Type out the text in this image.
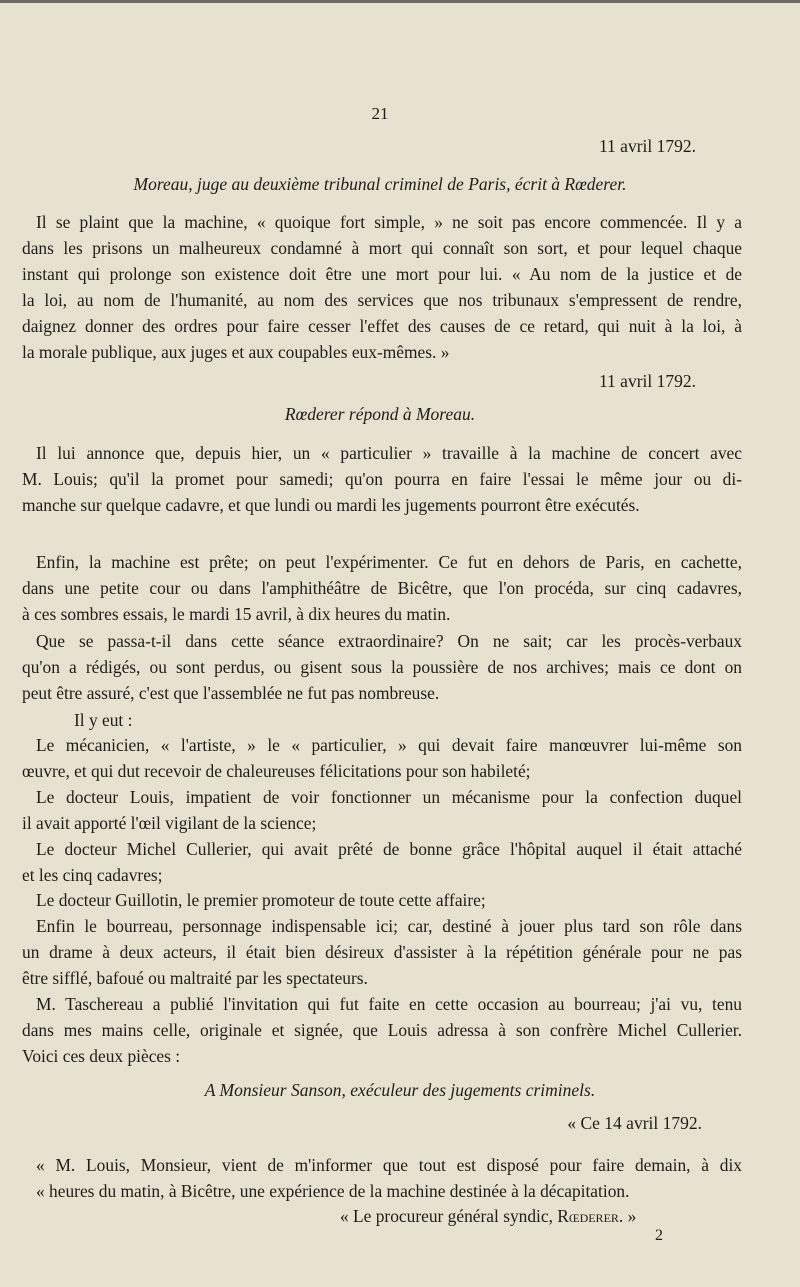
21
11 avril 1792.
Moreau, juge au deuxième tribunal criminel de Paris, écrit à Rœderer.
Il se plaint que la machine, « quoique fort simple, » ne soit pas encore commencée. Il y a
dans les prisons un malheureux condamné à mort qui connaît son sort, et pour lequel chaque
instant qui prolonge son existence doit être une mort pour lui. « Au nom de la justice et de
la loi, au nom de l'humanité, au nom des services que nos tribunaux s'empressent de rendre,
daignez donner des ordres pour faire cesser l'effet des causes de ce retard, qui nuit à la loi, à
la morale publique, aux juges et aux coupables eux-mêmes. »
11 avril 1792.
Rœderer répond à Moreau.
Il lui annonce que, depuis hier, un « particulier » travaille à la machine de concert avec
M. Louis; qu'il la promet pour samedi; qu'on pourra en faire l'essai le même jour ou di-
manche sur quelque cadavre, et que lundi ou mardi les jugements pourront être exécutés.
Enfin, la machine est prête; on peut l'expérimenter. Ce fut en dehors de Paris, en cachette,
dans une petite cour ou dans l'amphithéâtre de Bicêtre, que l'on procéda, sur cinq cadavres,
à ces sombres essais, le mardi 15 avril, à dix heures du matin.
Que se passa-t-il dans cette séance extraordinaire? On ne sait; car les procès-verbaux
qu'on a rédigés, ou sont perdus, ou gisent sous la poussière de nos archives; mais ce dont on
peut être assuré, c'est que l'assemblée ne fut pas nombreuse.
Il y eut :
Le mécanicien, « l'artiste, » le « particulier, » qui devait faire manœuvrer lui-même son
œuvre, et qui dut recevoir de chaleureuses félicitations pour son habileté;
Le docteur Louis, impatient de voir fonctionner un mécanisme pour la confection duquel
il avait apporté l'œil vigilant de la science;
Le docteur Michel Cullerier, qui avait prêté de bonne grâce l'hôpital auquel il était attaché
et les cinq cadavres;
Le docteur Guillotin, le premier promoteur de toute cette affaire;
Enfin le bourreau, personnage indispensable ici; car, destiné à jouer plus tard son rôle dans
un drame à deux acteurs, il était bien désireux d'assister à la répétition générale pour ne pas
être sifflé, bafoué ou maltraité par les spectateurs.
M. Taschereau a publié l'invitation qui fut faite en cette occasion au bourreau; j'ai vu, tenu
dans mes mains celle, originale et signée, que Louis adressa à son confrère Michel Cullerier.
Voici ces deux pièces :
A Monsieur Sanson, exéculeur des jugements criminels.
« Ce 14 avril 1792.
« M. Louis, Monsieur, vient de m'informer que tout est disposé pour faire demain, à dix
« heures du matin, à Bicêtre, une expérience de la machine destinée à la décapitation.
« Le procureur général syndic, Rœderer. »
2
